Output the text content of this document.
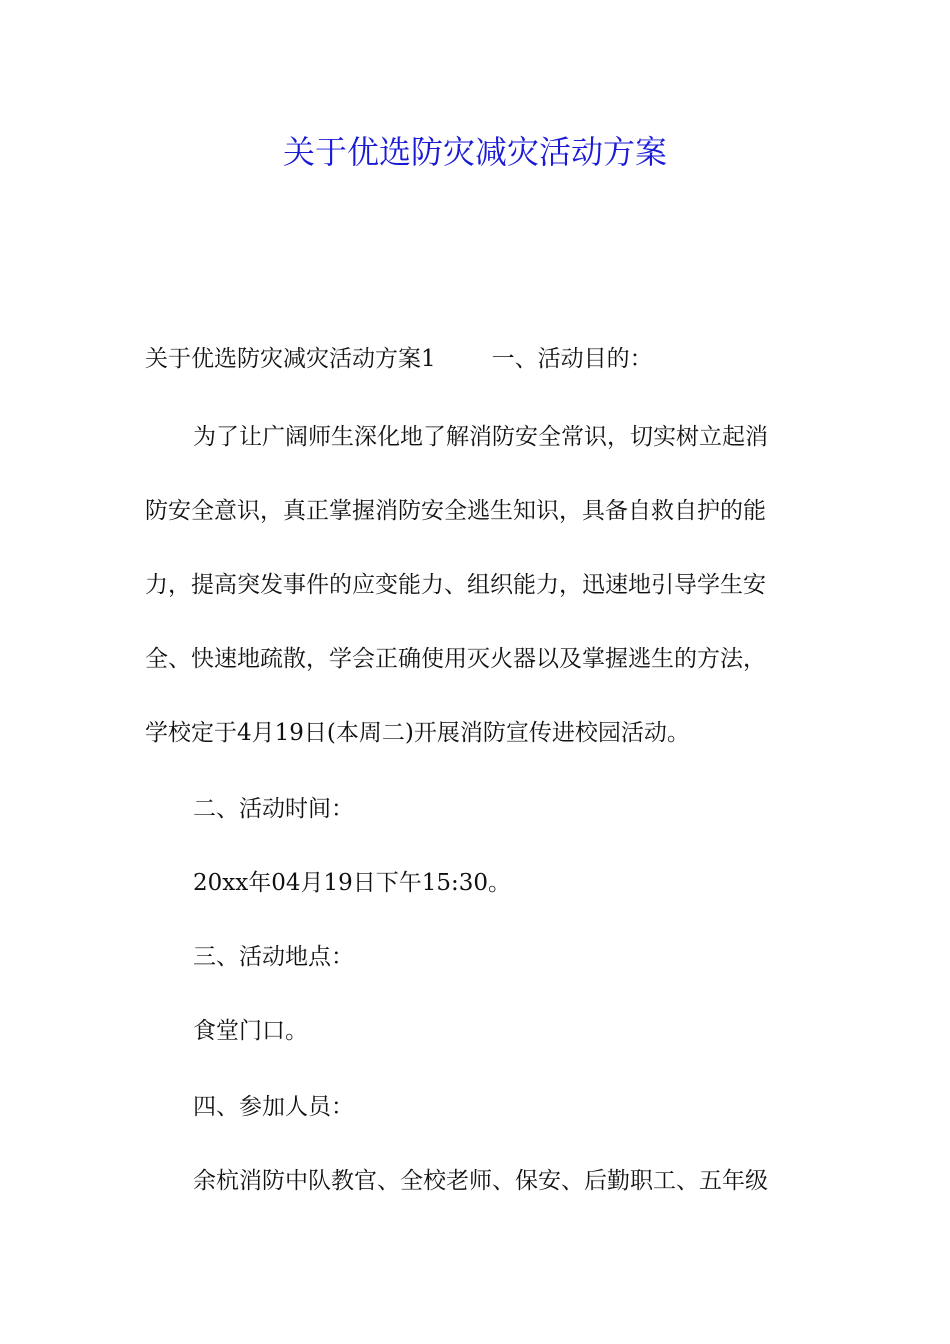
关于优选防灾减灾活动方案
关于优选防灾减灾活动方案1 一、活动目的：
为了让广阔师生深化地了解消防安全常识，切实树立起消
防安全意识，真正掌握消防安全逃生知识，具备自救自护的能
力，提高突发事件的应变能力、组织能力，迅速地引导学生安
全、快速地疏散，学会正确使用灭火器以及掌握逃生的方法，
学校定于4月19日(本周二)开展消防宣传进校园活动。
二、活动时间：
20xx年04月19日下午15:30。
三、活动地点：
食堂门口。
四、参加人员：
余杭消防中队教官、全校老师、保安、后勤职工、五年级
